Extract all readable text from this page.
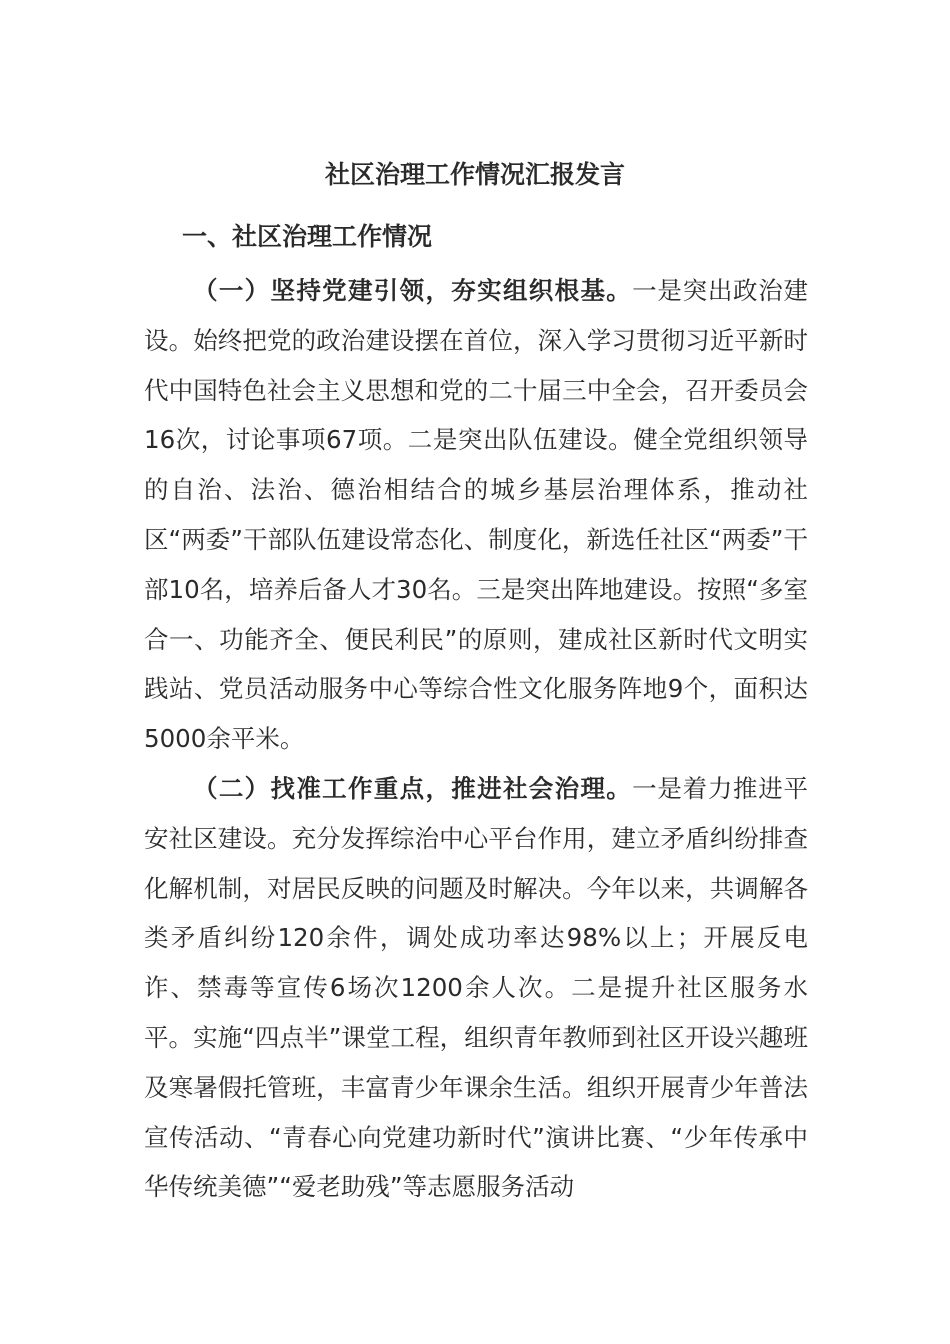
社区治理工作情况汇报发言
一、社区治理工作情况

（一）坚持党建引领，夯实组织根基。一是突出政治建设。始终把党的政治建设摆在首位，深入学习贯彻习近平新时代中国特色社会主义思想和党的二十届三中全会，召开委员会16次，讨论事项67项。二是突出队伍建设。健全党组织领导的自治、法治、德治相结合的城乡基层治理体系，推动社区“两委”干部队伍建设常态化、制度化，新选任社区“两委”干部10名，培养后备人才30名。三是突出阵地建设。按照“多室合一、功能齐全、便民利民”的原则，建成社区新时代文明实践站、党员活动服务中心等综合性文化服务阵地9个，面积达5000余平米。

（二）找准工作重点，推进社会治理。一是着力推进平安社区建设。充分发挥综治中心平台作用，建立矛盾纠纷排查化解机制，对居民反映的问题及时解决。今年以来，共调解各类矛盾纠纷120余件，调处成功率达98%以上；开展反电诈、禁毒等宣传6场次1200余人次。二是提升社区服务水平。实施“四点半”课堂工程，组织青年教师到社区开设兴趣班及寒暑假托管班，丰富青少年课余生活。组织开展青少年普法宣传活动、“青春心向党建功新时代”演讲比赛、“少年传承中华传统美德”“爱老助残”等志愿服务活动
